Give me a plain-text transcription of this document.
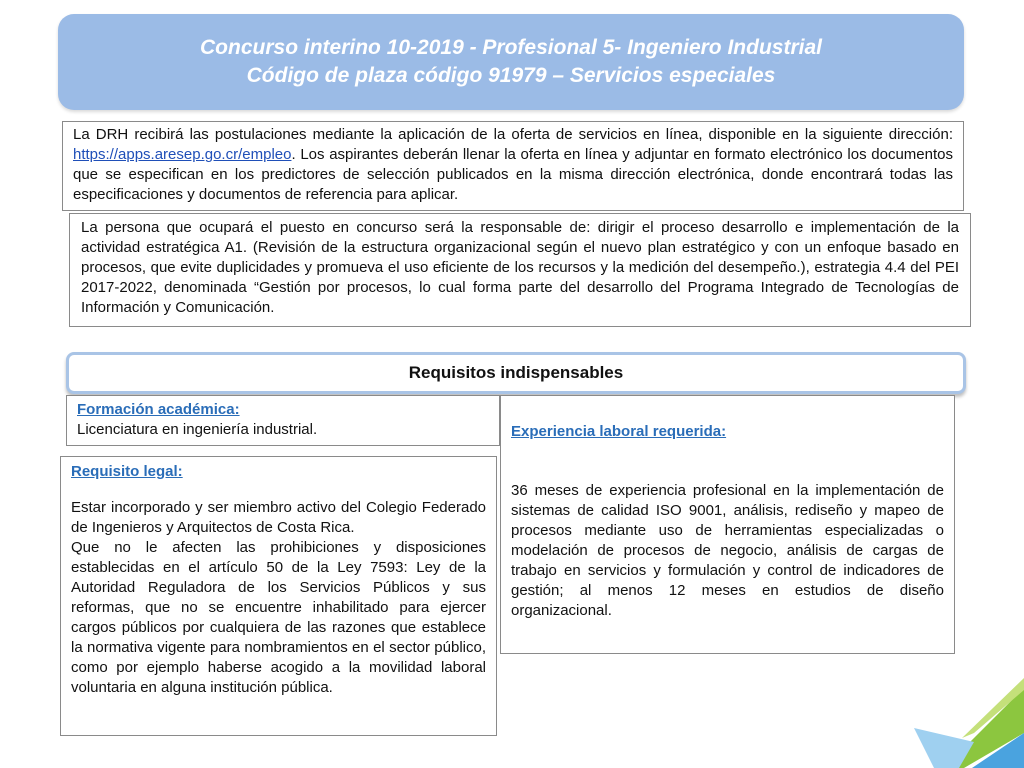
Concurso interino 10-2019 - Profesional 5- Ingeniero Industrial
Código de plaza código 91979 – Servicios especiales
La DRH recibirá las postulaciones mediante la aplicación de la oferta de servicios en línea, disponible en la siguiente dirección: https://apps.aresep.go.cr/empleo. Los aspirantes deberán llenar la oferta en línea y adjuntar en formato electrónico los documentos que se especifican en los predictores de selección publicados en la misma dirección electrónica, donde encontrará todas las especificaciones y documentos de referencia para aplicar.
La persona que ocupará el puesto en concurso será la responsable de: dirigir el proceso desarrollo e implementación de la actividad estratégica A1. (Revisión de la estructura organizacional según el nuevo plan estratégico y con un enfoque basado en procesos, que evite duplicidades y promueva el uso eficiente de los recursos y la medición del desempeño.), estrategia 4.4 del PEI 2017-2022, denominada “Gestión por procesos, lo cual forma parte del desarrollo del Programa Integrado de Tecnologías de Información y Comunicación.
Requisitos indispensables
Formación académica:
Licenciatura en ingeniería industrial.	Experiencia laboral requerida:
36 meses de experiencia profesional en la implementación de sistemas de calidad ISO 9001, análisis, rediseño y mapeo de procesos mediante uso de herramientas especializadas o modelación de procesos de negocio, análisis de cargas de trabajo en servicios y formulación y control de indicadores de gestión; al menos 12 meses en estudios de diseño organizacional.
Requisito legal:
Estar incorporado y ser miembro activo del Colegio Federado de Ingenieros y Arquitectos de Costa Rica.
Que no le afecten las prohibiciones y disposiciones establecidas en el artículo 50 de la Ley 7593: Ley de la Autoridad Reguladora de los Servicios Públicos y sus reformas, que no se encuentre inhabilitado para ejercer cargos públicos por cualquiera de las razones que establece la normativa vigente para nombramientos en el sector público, como por ejemplo haberse acogido a la movilidad laboral voluntaria en alguna institución pública.
